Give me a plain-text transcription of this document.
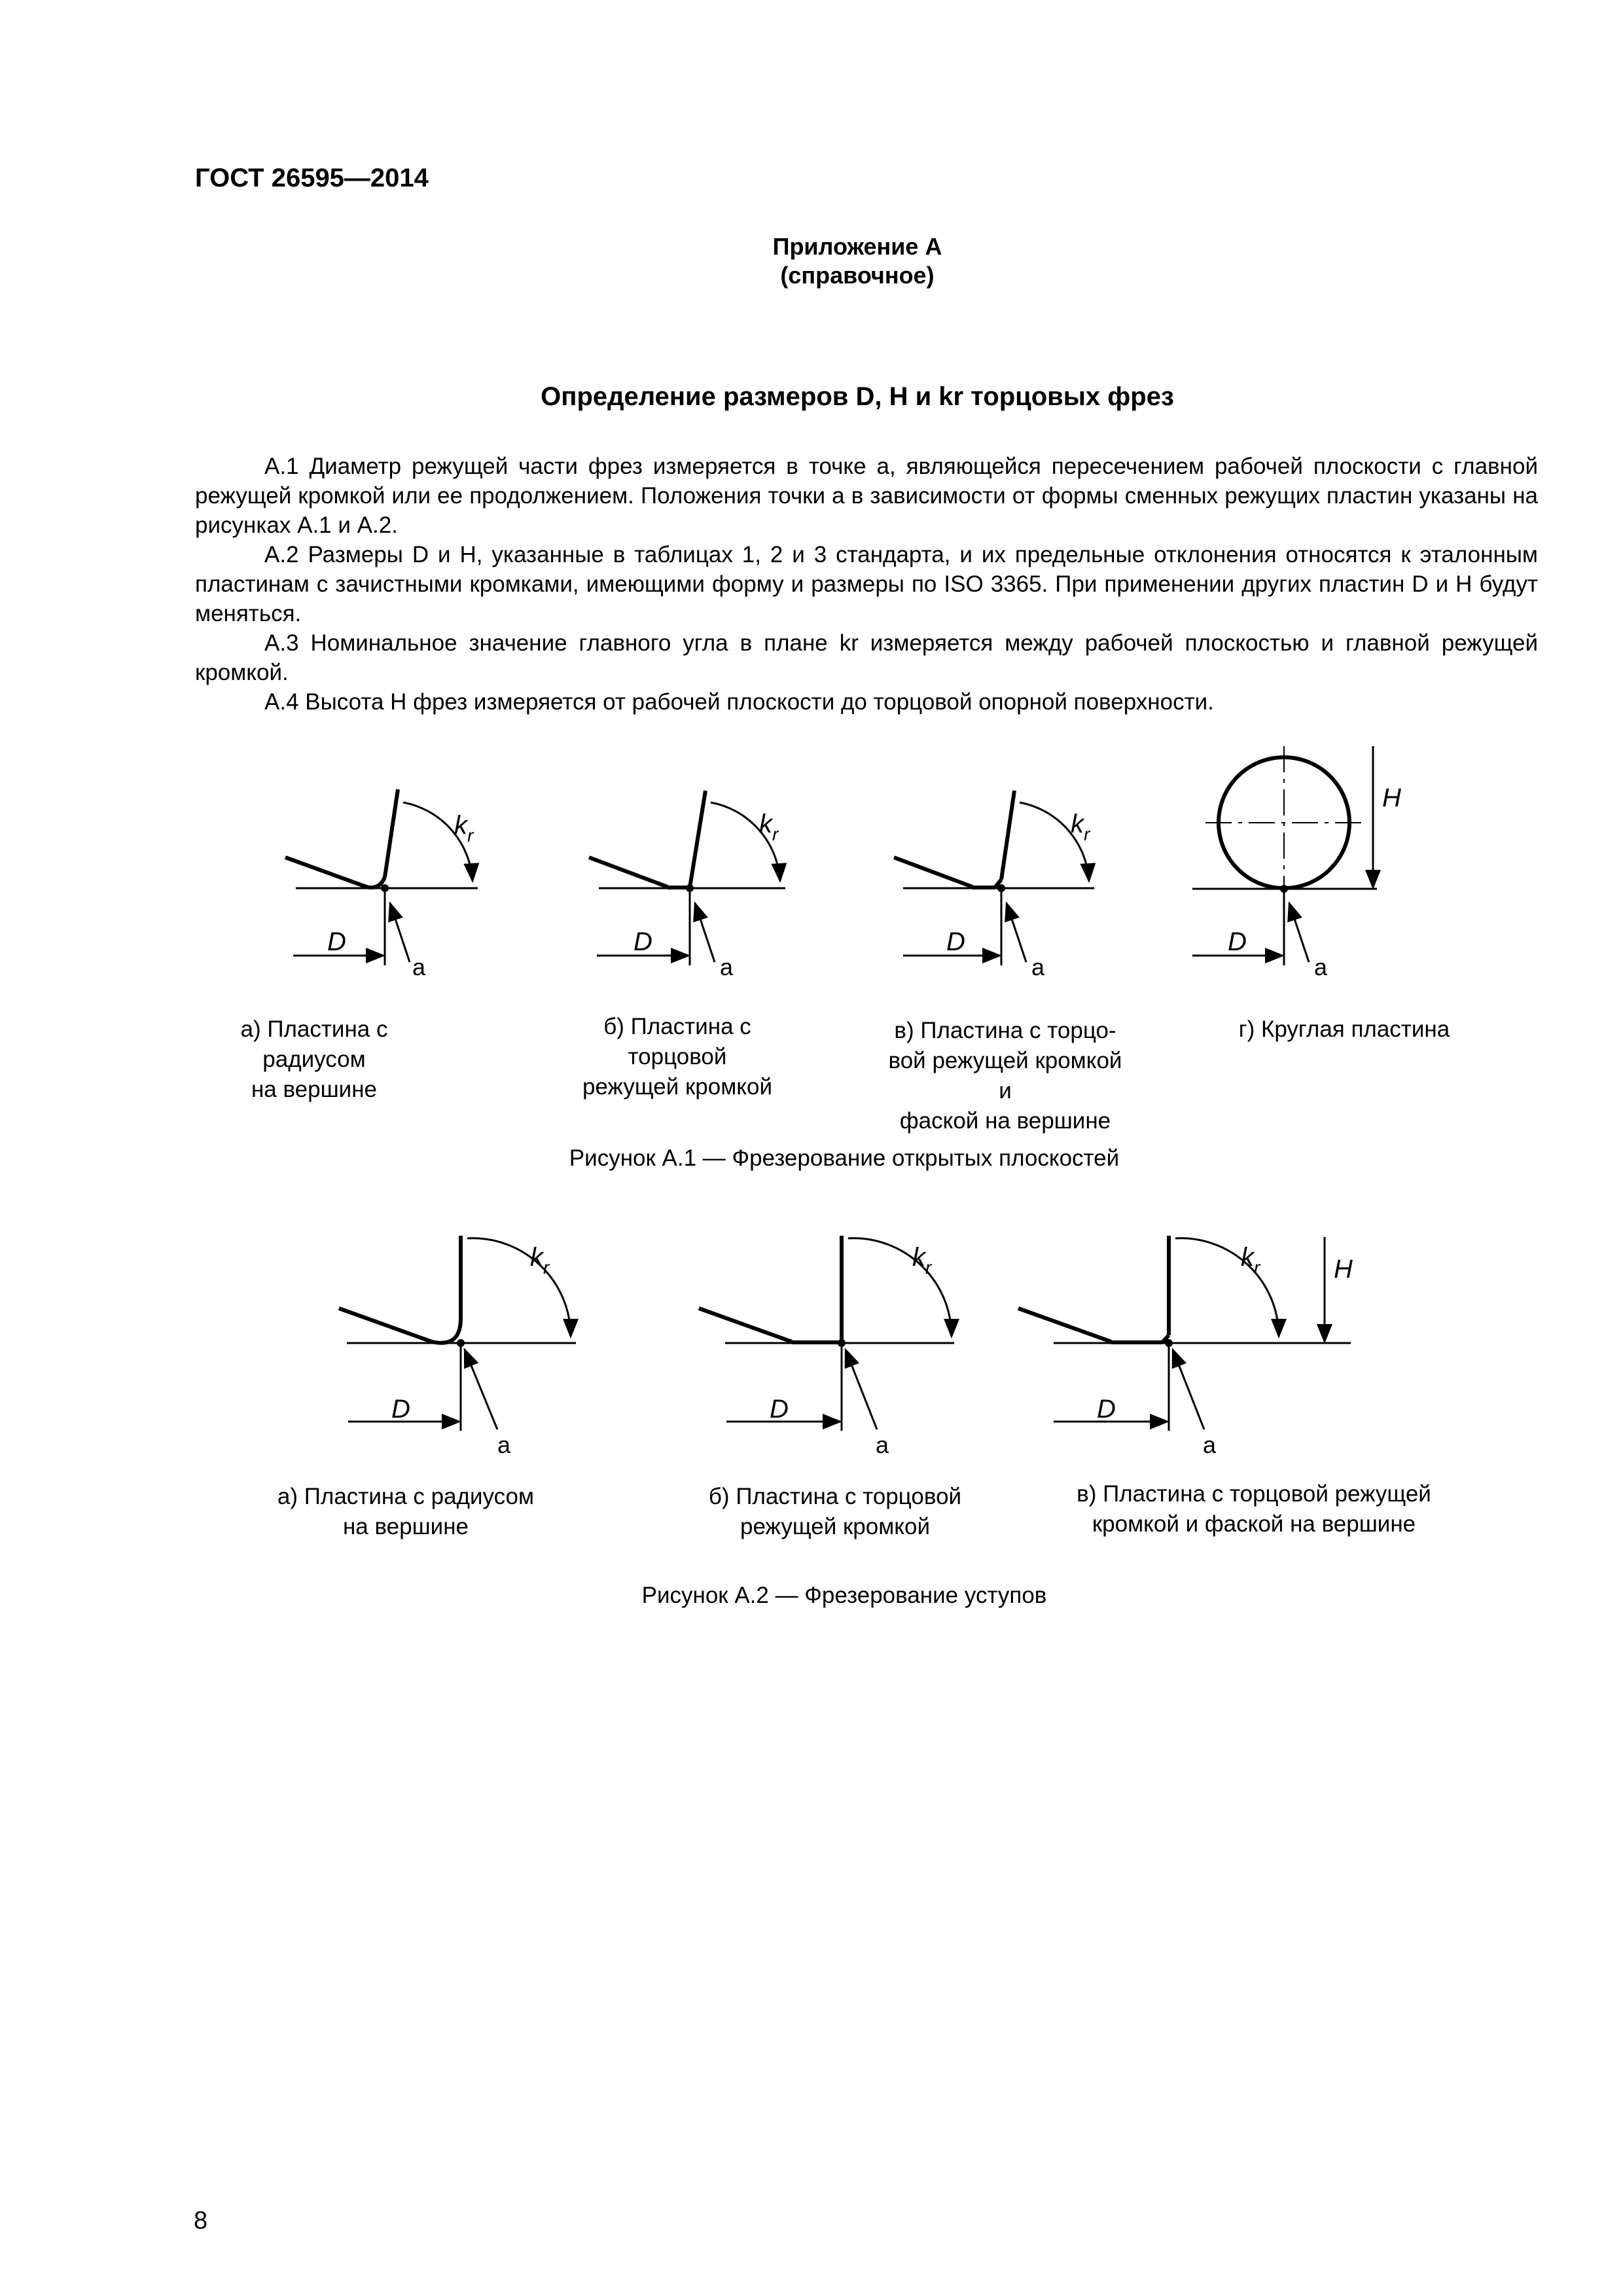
ГОСТ 26595—2014
Приложение А
(справочное)
Определение размеров D, H и kr торцовых фрез

А.1 Диаметр режущей части фрез измеряется в точке a, являющейся пересечением рабочей плоскости с главной режущей кромкой или ее продолжением. Положения точки a в зависимости от формы сменных режущих пластин указаны на рисунках А.1 и А.2.

А.2 Размеры D и H, указанные в таблицах 1, 2 и 3 стандарта, и их предельные отклонения относятся к эталонным пластинам с зачистными кромками, имеющими форму и размеры по ISO 3365. При применении других пластин D и H будут меняться.

А.3 Номинальное значение главного угла в плане kr измеряется между рабочей плоскостью и главной режущей кромкой.

А.4 Высота H фрез измеряется от рабочей плоскости до торцовой опорной поверхности.

$k_r$
D
a
$k_r$
D
a
$k_r$
D
a
H
D
a
$k_r$
D
a
$k_r$
D
a
$k_r$	H
D
a
а) Пластина с радиусом
на вершине
б) Пластина с торцовой
режущей кромкой
в) Пластина с торцо-
вой режущей кромкой и
фаской на вершине
г) Круглая пластина
Рисунок А.1 — Фрезерование открытых плоскостей
а) Пластина с радиусом
на вершине
б) Пластина с торцовой
режущей кромкой
в) Пластина с торцовой режущей
кромкой и фаской на вершине
Рисунок А.2 — Фрезерование уступов
8
